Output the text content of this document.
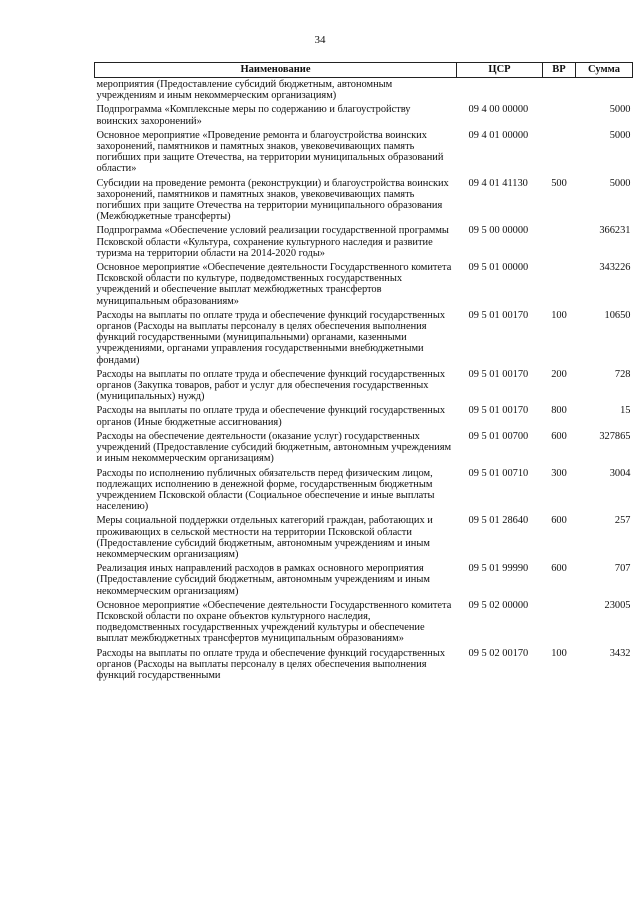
34
Наименование	ЦСР	ВР	Сумма
мероприятия (Предоставление субсидий бюджетным, автономным учреждениям и иным некоммерческим организациям)			
Подпрограмма «Комплексные меры по содержанию и благоустройству воинских захоронений»	09 4 00 00000		5000
Основное мероприятие «Проведение ремонта и благоустройства воинских захоронений, памятников и памятных знаков, увековечивающих память погибших при защите Отечества, на территории муниципальных образований области»	09 4 01 00000		5000
Субсидии на проведение ремонта (реконструкции) и благоустройства воинских захоронений, памятников и памятных знаков, увековечивающих память погибших при защите Отечества на территории муниципального образования (Межбюджетные трансферты)	09 4 01 41130	500	5000
Подпрограмма «Обеспечение условий реализации государственной программы Псковской области «Культура, сохранение культурного наследия и развитие туризма на территории области на 2014-2020 годы»	09 5 00 00000		366231
Основное мероприятие «Обеспечение деятельности Государственного комитета Псковской области по культуре, подведомственных государственных учреждений и обеспечение выплат межбюджетных трансфертов муниципальным образованиям»	09 5 01 00000		343226
Расходы на выплаты по оплате труда и обеспечение функций государственных органов (Расходы на выплаты персоналу в целях обеспечения выполнения функций государственными (муниципальными) органами, казенными учреждениями, органами управления государственными внебюджетными фондами)	09 5 01 00170	100	10650
Расходы на выплаты по оплате труда и обеспечение функций государственных органов (Закупка товаров, работ и услуг для обеспечения государственных (муниципальных) нужд)	09 5 01 00170	200	728
Расходы на выплаты по оплате труда и обеспечение функций государственных органов (Иные бюджетные ассигнования)	09 5 01 00170	800	15
Расходы на обеспечение деятельности (оказание услуг) государственных учреждений (Предоставление субсидий бюджетным, автономным учреждениям и иным некоммерческим организациям)	09 5 01 00700	600	327865
Расходы по исполнению публичных обязательств перед физическим лицом, подлежащих исполнению в денежной форме, государственным бюджетным учреждением Псковской области (Социальное обеспечение и иные выплаты населению)	09 5 01 00710	300	3004
Меры социальной поддержки отдельных категорий граждан, работающих и проживающих в сельской местности на территории Псковской области (Предоставление субсидий бюджетным, автономным учреждениям и иным некоммерческим организациям)	09 5 01 28640	600	257
Реализация иных направлений расходов в рамках основного мероприятия (Предоставление субсидий бюджетным, автономным учреждениям и иным некоммерческим организациям)	09 5 01 99990	600	707
Основное мероприятие «Обеспечение деятельности Государственного комитета Псковской области по охране объектов культурного наследия, подведомственных государственных учреждений культуры и обеспечение выплат межбюджетных трансфертов муниципальным образованиям»	09 5 02 00000		23005
Расходы на выплаты по оплате труда и обеспечение функций государственных органов (Расходы на выплаты персоналу в целях обеспечения выполнения функций государственными	09 5 02 00170	100	3432
